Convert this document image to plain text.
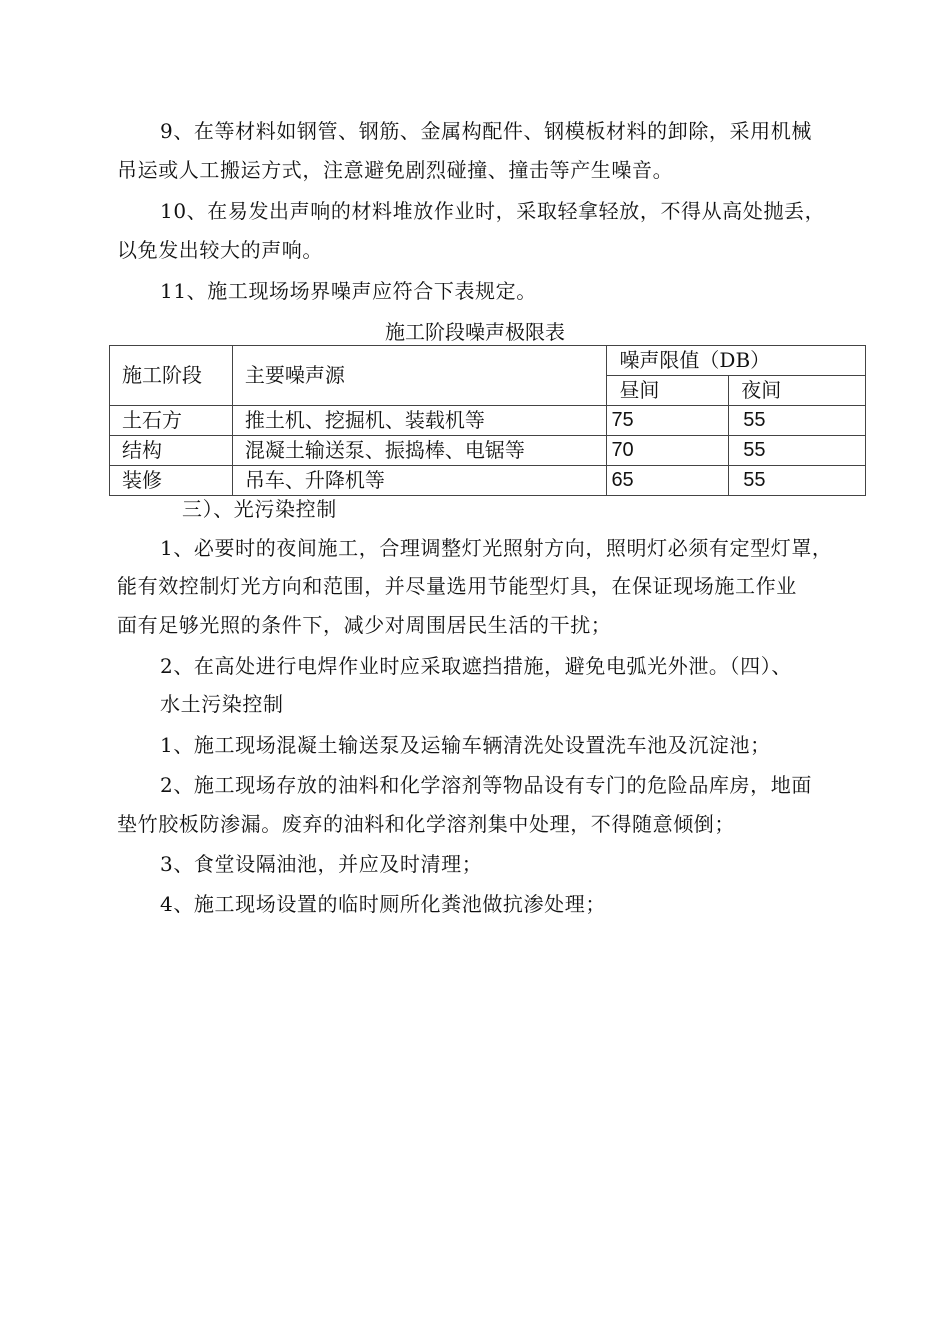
9、在等材料如钢管、钢筋、金属构配件、钢模板材料的卸除，采用机械
吊运或人工搬运方式，注意避免剧烈碰撞、撞击等产生噪音。
10、在易发出声响的材料堆放作业时，采取轻拿轻放，不得从高处抛丢，
以免发出较大的声响。
11、施工现场场界噪声应符合下表规定。
施工阶段噪声极限表
施工阶段	主要噪声源	噪声限值（DB）	
		昼间	夜间
土石方	推土机、挖掘机、装载机等	75	55
结构	混凝土输送泵、振捣棒、电锯等	70	55
装修	吊车、升降机等	65	55
三）、光污染控制
1、必要时的夜间施工，合理调整灯光照射方向，照明灯必须有定型灯罩，
能有效控制灯光方向和范围，并尽量选用节能型灯具，在保证现场施工作业
面有足够光照的条件下，减少对周围居民生活的干扰；
2、在高处进行电焊作业时应采取遮挡措施，避免电弧光外泄。（四）、
水土污染控制
1、施工现场混凝土输送泵及运输车辆清洗处设置洗车池及沉淀池；
2、施工现场存放的油料和化学溶剂等物品设有专门的危险品库房，地面
垫竹胶板防渗漏。废弃的油料和化学溶剂集中处理，不得随意倾倒；
3、食堂设隔油池，并应及时清理；
4、施工现场设置的临时厕所化粪池做抗渗处理；
